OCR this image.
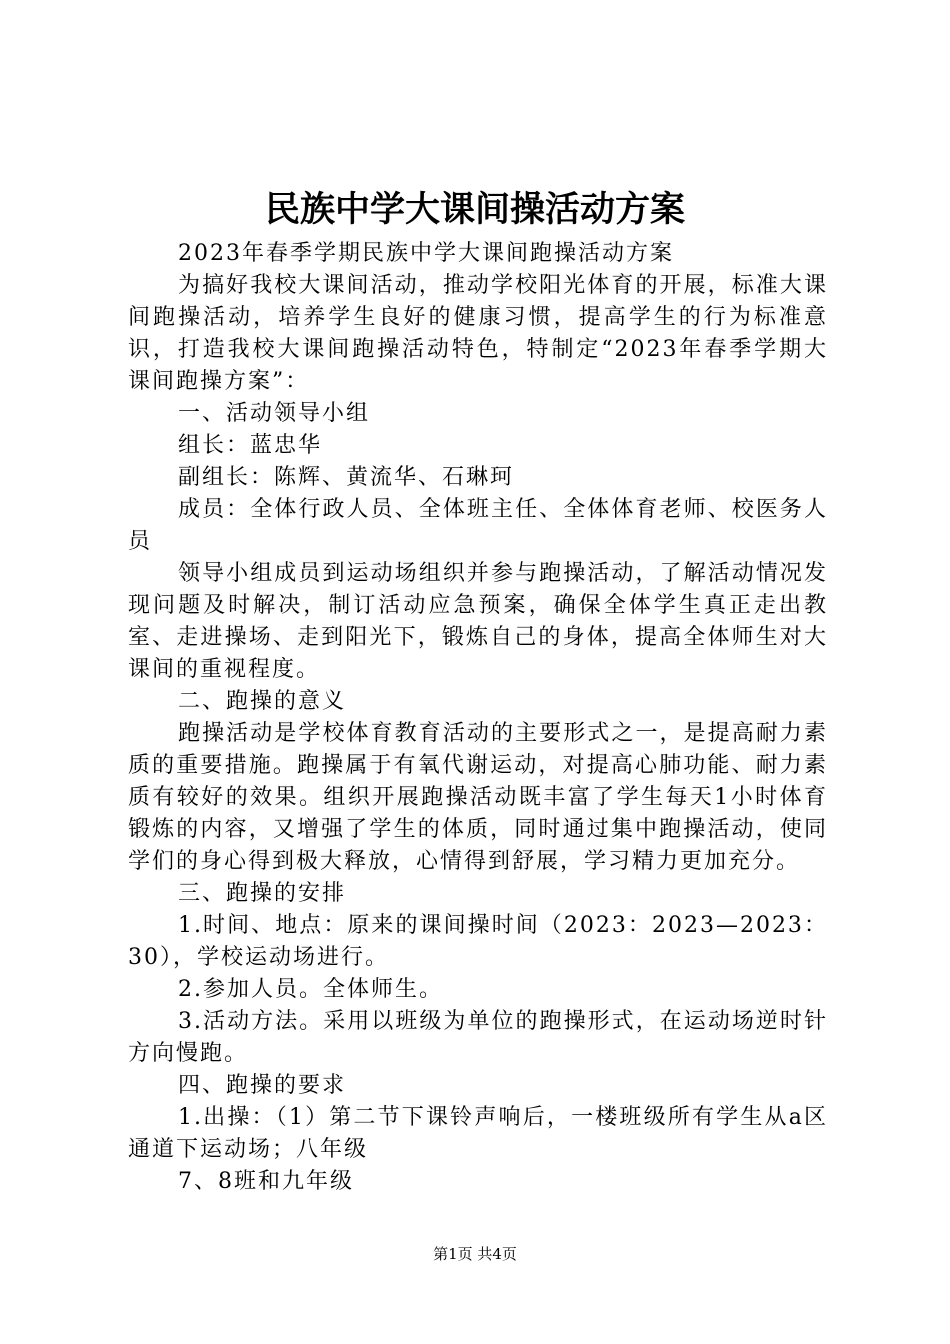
民族中学大课间操活动方案

2023年春季学期民族中学大课间跑操活动方案

为搞好我校大课间活动，推动学校阳光体育的开展，标准大课间跑操活动，培养学生良好的健康习惯，提高学生的行为标准意识，打造我校大课间跑操活动特色，特制定“2023年春季学期大课间跑操方案”：

一、活动领导小组

组长：蓝忠华

副组长：陈辉、黄流华、石琳珂

成员：全体行政人员、全体班主任、全体体育老师、校医务人员

领导小组成员到运动场组织并参与跑操活动，了解活动情况发现问题及时解决，制订活动应急预案，确保全体学生真正走出教室、走进操场、走到阳光下，锻炼自己的身体，提高全体师生对大课间的重视程度。

二、跑操的意义

跑操活动是学校体育教育活动的主要形式之一，是提高耐力素质的重要措施。跑操属于有氧代谢运动，对提高心肺功能、耐力素质有较好的效果。组织开展跑操活动既丰富了学生每天1小时体育锻炼的内容，又增强了学生的体质，同时通过集中跑操活动，使同学们的身心得到极大释放，心情得到舒展，学习精力更加充分。

三、跑操的安排

1.时间、地点：原来的课间操时间（2023：2023—2023：30），学校运动场进行。

2.参加人员。全体师生。

3.活动方法。采用以班级为单位的跑操形式，在运动场逆时针方向慢跑。

四、跑操的要求

1.出操：（1）第二节下课铃声响后，一楼班级所有学生从a区通道下运动场；八年级

7、8班和九年级

第1页 共4页
